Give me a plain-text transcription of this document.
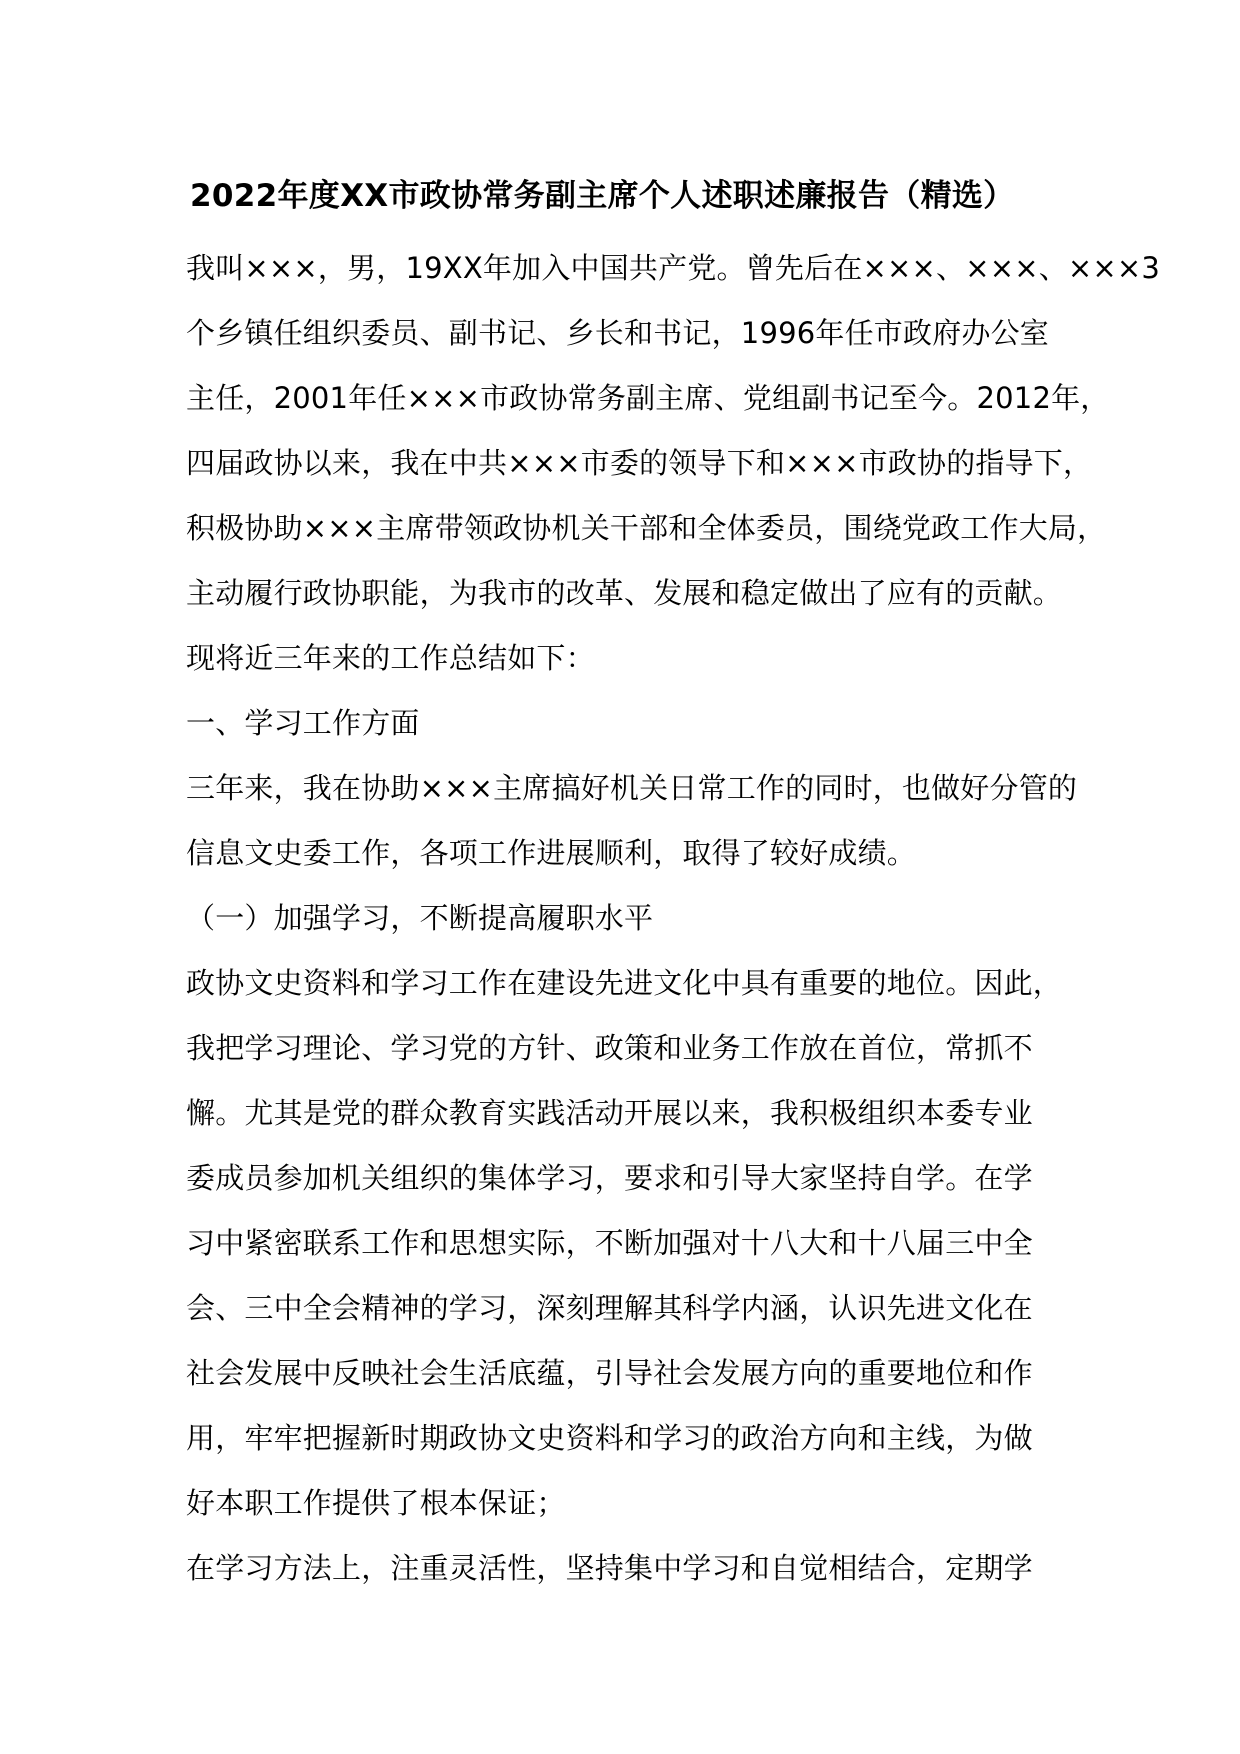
2022年度XX市政协常务副主席个人述职述廉报告（精选）
我叫×××，男，19XX年加入中国共产党。曾先后在×××、×××、×××3
个乡镇任组织委员、副书记、乡长和书记，1996年任市政府办公室
主任，2001年任×××市政协常务副主席、党组副书记至今。2012年，
四届政协以来，我在中共×××市委的领导下和×××市政协的指导下，
积极协助×××主席带领政协机关干部和全体委员，围绕党政工作大局，
主动履行政协职能，为我市的改革、发展和稳定做出了应有的贡献。
现将近三年来的工作总结如下：
一、学习工作方面
三年来，我在协助×××主席搞好机关日常工作的同时，也做好分管的
信息文史委工作，各项工作进展顺利，取得了较好成绩。
（一）加强学习，不断提高履职水平
政协文史资料和学习工作在建设先进文化中具有重要的地位。因此，
我把学习理论、学习党的方针、政策和业务工作放在首位，常抓不
懈。尤其是党的群众教育实践活动开展以来，我积极组织本委专业
委成员参加机关组织的集体学习，要求和引导大家坚持自学。在学
习中紧密联系工作和思想实际，不断加强对十八大和十八届三中全
会、三中全会精神的学习，深刻理解其科学内涵，认识先进文化在
社会发展中反映社会生活底蕴，引导社会发展方向的重要地位和作
用，牢牢把握新时期政协文史资料和学习的政治方向和主线，为做
好本职工作提供了根本保证；
在学习方法上，注重灵活性，坚持集中学习和自觉相结合，定期学
